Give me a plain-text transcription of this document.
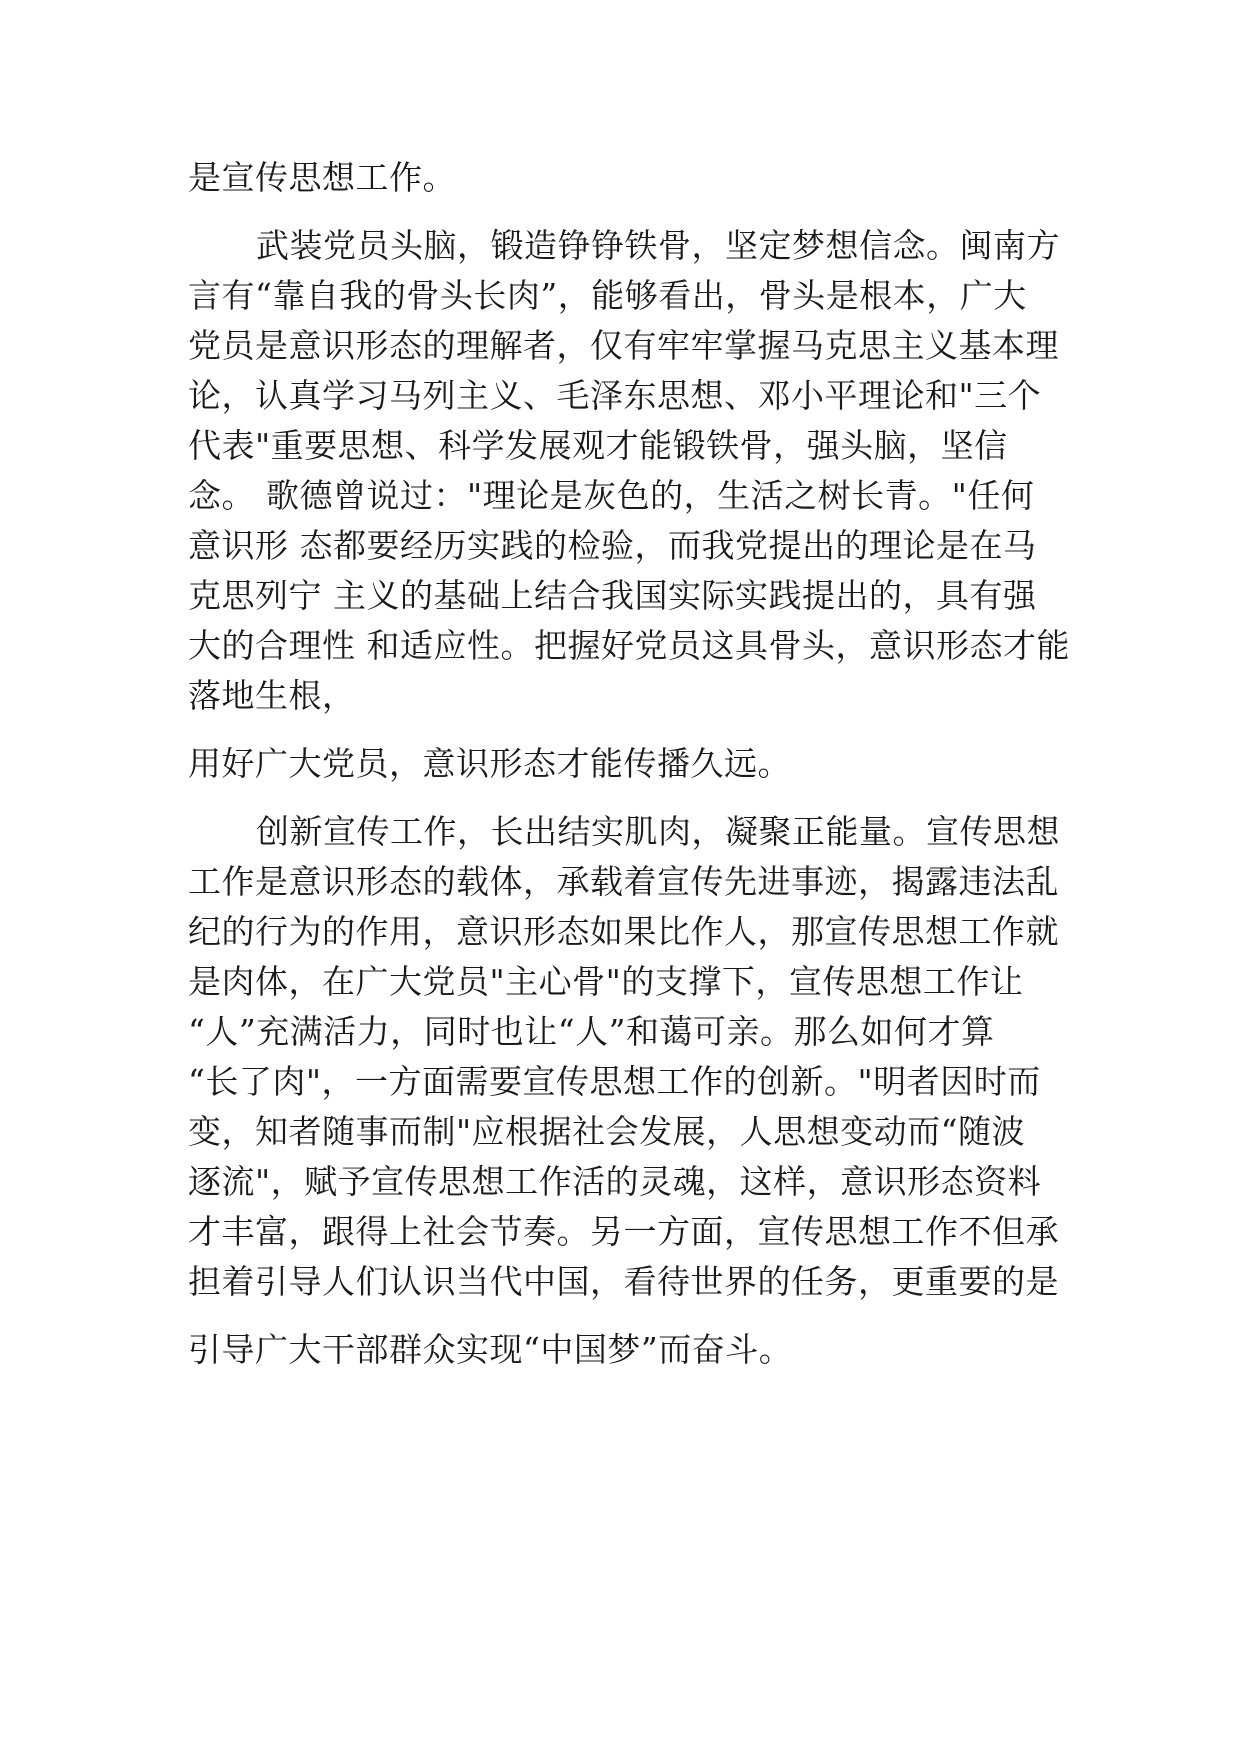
是宣传思想工作。

武装党员头脑，锻造铮铮铁骨，坚定梦想信念。闽南方

言有“靠自我的骨头长肉”，能够看出，骨头是根本，广大

党员是意识形态的理解者，仅有牢牢掌握马克思主义基本理

论，认真学习马列主义、毛泽东思想、邓小平理论和"三个

代表"重要思想、科学发展观才能锻铁骨，强头脑，坚信

念。 歌德曾说过："理论是灰色的，生活之树长青。"任何

意识形 态都要经历实践的检验，而我党提出的理论是在马

克思列宁 主义的基础上结合我国实际实践提出的，具有强

大的合理性 和适应性。把握好党员这具骨头，意识形态才能

落地生根，

用好广大党员，意识形态才能传播久远。

创新宣传工作，长出结实肌肉，凝聚正能量。宣传思想

工作是意识形态的载体，承载着宣传先进事迹，揭露违法乱

纪的行为的作用，意识形态如果比作人，那宣传思想工作就

是肉体，在广大党员"主心骨"的支撑下，宣传思想工作让

“人”充满活力，同时也让“人”和蔼可亲。那么如何才算

“长了肉"，一方面需要宣传思想工作的创新。"明者因时而

变，知者随事而制"应根据社会发展，人思想变动而“随波

逐流"，赋予宣传思想工作活的灵魂，这样，意识形态资料

才丰富，跟得上社会节奏。另一方面，宣传思想工作不但承

担着引导人们认识当代中国，看待世界的任务，更重要的是

引导广大干部群众实现“中国梦”而奋斗。
